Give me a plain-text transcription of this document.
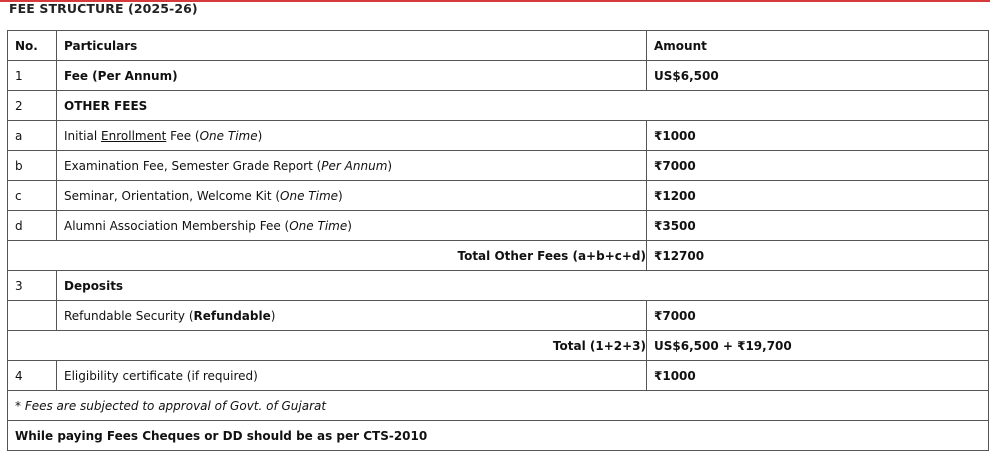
FEE STRUCTURE (2025-26)
No.	Particulars	Amount
1	Fee (Per Annum)	US$6,500
2	OTHER FEES	
a	Initial Enrollment Fee (One Time)	₹1000
b	Examination Fee, Semester Grade Report (Per Annum)	₹7000
c	Seminar, Orientation, Welcome Kit (One Time)	₹1200
d	Alumni Association Membership Fee (One Time)	₹3500
Total Other Fees (a+b+c+d)		₹12700
3	Deposits	
	Refundable Security (Refundable)	₹7000
Total (1+2+3)		US$6,500 + ₹19,700
4	Eligibility certificate (if required)	₹1000
* Fees are subjected to approval of Govt. of Gujarat		
While paying Fees Cheques or DD should be as per CTS-2010		
